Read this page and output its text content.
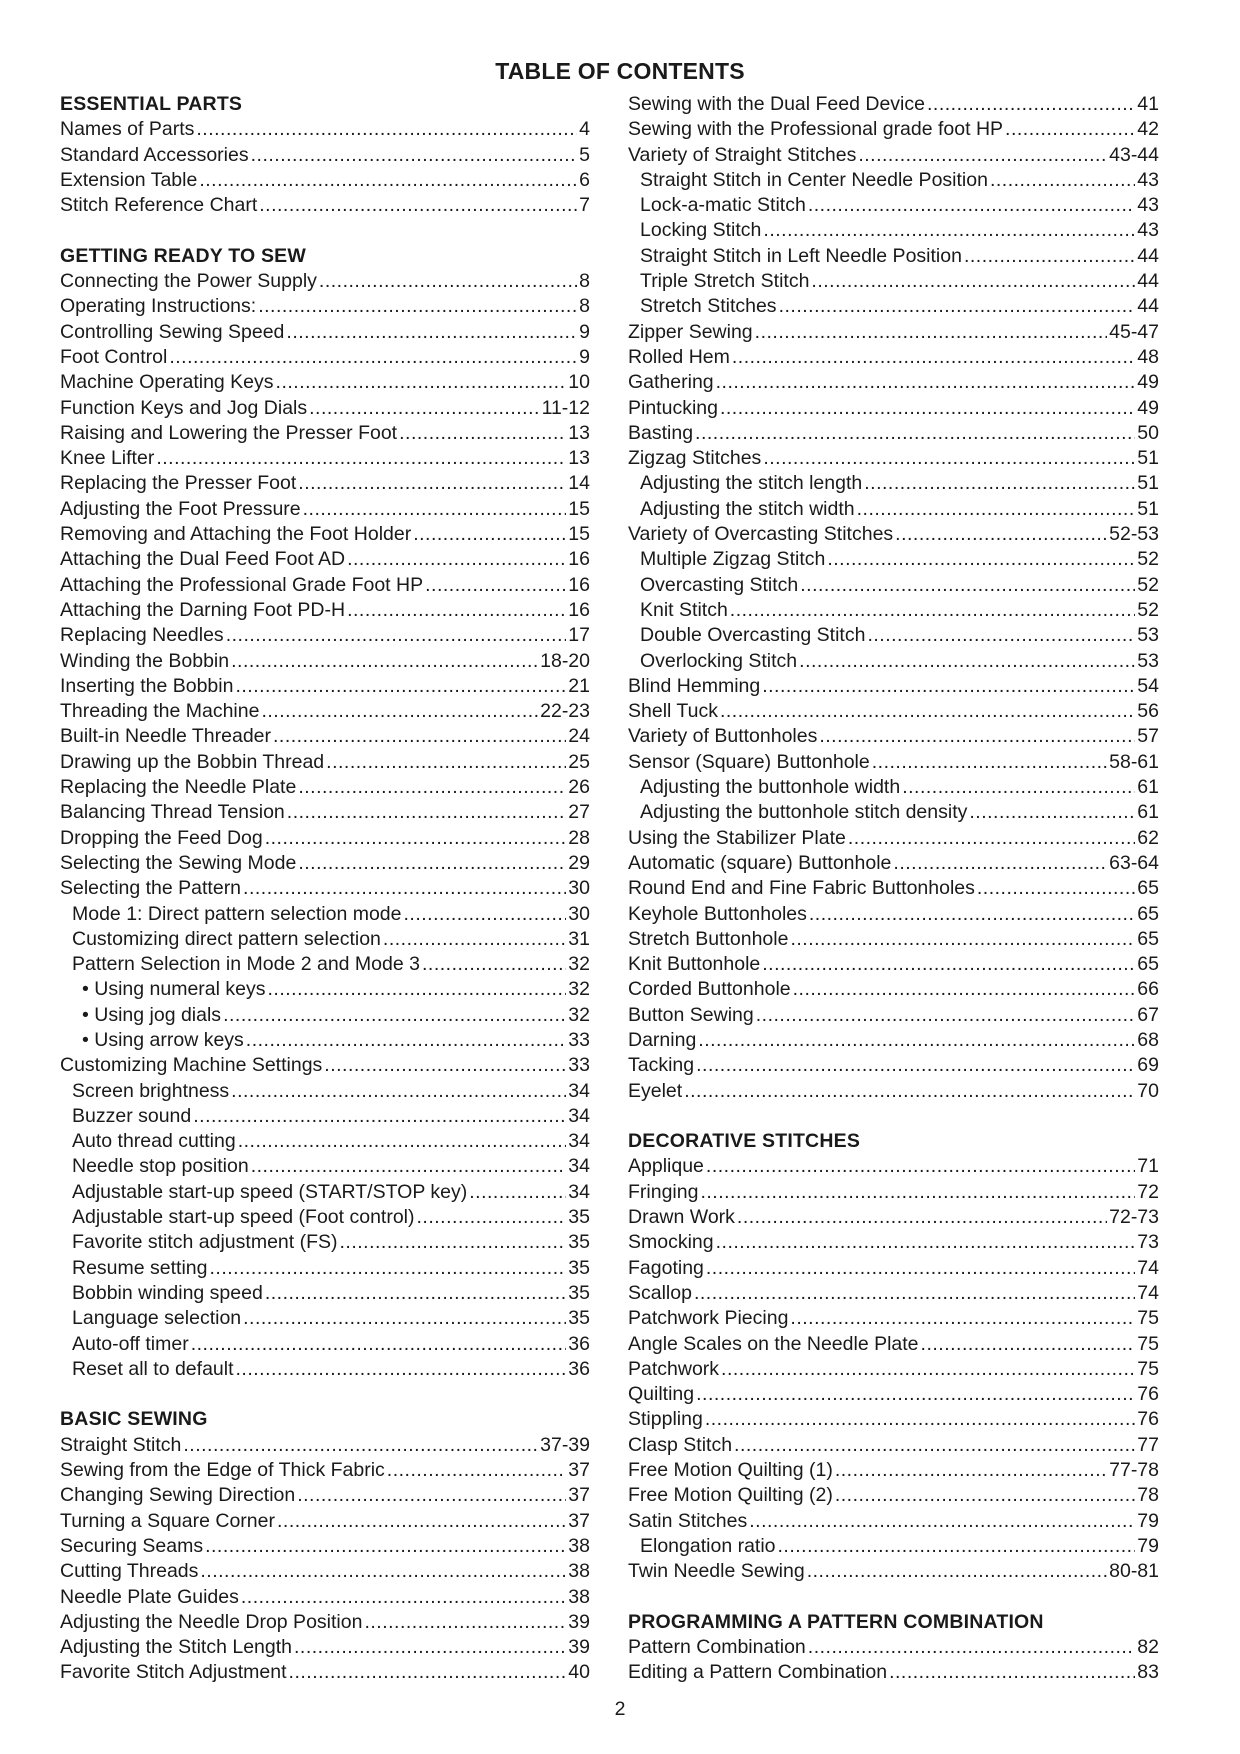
TABLE OF CONTENTS
ESSENTIAL PARTS
Names of Parts .....	4
Standard Accessories .....	5
Extension Table .....	6
Stitch Reference Chart .....	7
GETTING READY TO SEW
Connecting the Power Supply .....	8
Operating Instructions: .....	8
Controlling Sewing Speed .....	9
Foot Control .....	9
Machine Operating Keys .....	10
Function Keys and Jog Dials .....	11-12
Raising and Lowering the Presser Foot .....	13
Knee Lifter .....	13
Replacing the Presser Foot .....	14
Adjusting the Foot Pressure .....	15
Removing and Attaching the Foot Holder .....	15
Attaching the Dual Feed Foot AD .....	16
Attaching the Professional Grade Foot HP .....	16
Attaching the Darning Foot PD-H .....	16
Replacing Needles .....	17
Winding the Bobbin .....	18-20
Inserting the Bobbin .....	21
Threading the Machine .....	22-23
Built-in Needle Threader .....	24
Drawing up the Bobbin Thread .....	25
Replacing the Needle Plate .....	26
Balancing Thread Tension .....	27
Dropping the Feed Dog .....	28
Selecting the Sewing Mode .....	29
Selecting the Pattern .....	30
Mode 1: Direct pattern selection mode .....	30
Customizing direct pattern selection .....	31
Pattern Selection in Mode 2 and Mode 3 .....	32
• Using numeral keys .....	32
• Using jog dials .....	32
• Using arrow keys .....	33
Customizing Machine Settings .....	33
Screen brightness .....	34
Buzzer sound .....	34
Auto thread cutting .....	34
Needle stop position .....	34
Adjustable start-up speed (START/STOP key) .....	34
Adjustable start-up speed (Foot control) .....	35
Favorite stitch adjustment (FS) .....	35
Resume setting .....	35
Bobbin winding speed .....	35
Language selection .....	35
Auto-off timer .....	36
Reset all to default .....	36
BASIC SEWING
Straight Stitch .....	37-39
Sewing from the Edge of Thick Fabric .....	37
Changing Sewing Direction .....	37
Turning a Square Corner .....	37
Securing Seams .....	38
Cutting Threads .....	38
Needle Plate Guides .....	38
Adjusting the Needle Drop Position .....	39
Adjusting the Stitch Length .....	39
Favorite Stitch Adjustment .....	40
Sewing with the Dual Feed Device .....	41
Sewing with the Professional grade foot HP .....	42
Variety of Straight Stitches .....	43-44
Straight Stitch in Center Needle Position .....	43
Lock-a-matic Stitch .....	43
Locking Stitch .....	43
Straight Stitch in Left Needle Position .....	44
Triple Stretch Stitch .....	44
Stretch Stitches .....	44
Zipper Sewing .....	45-47
Rolled Hem .....	48
Gathering .....	49
Pintucking .....	49
Basting .....	50
Zigzag Stitches .....	51
Adjusting the stitch length .....	51
Adjusting the stitch width .....	51
Variety of Overcasting Stitches .....	52-53
Multiple Zigzag Stitch .....	52
Overcasting Stitch .....	52
Knit Stitch .....	52
Double Overcasting Stitch .....	53
Overlocking Stitch .....	53
Blind Hemming .....	54
Shell Tuck .....	56
Variety of Buttonholes .....	57
Sensor (Square) Buttonhole .....	58-61
Adjusting the buttonhole width .....	61
Adjusting the buttonhole stitch density .....	61
Using the Stabilizer Plate .....	62
Automatic (square) Buttonhole .....	63-64
Round End and Fine Fabric Buttonholes .....	65
Keyhole Buttonholes .....	65
Stretch Buttonhole .....	65
Knit Buttonhole .....	65
Corded Buttonhole .....	66
Button Sewing .....	67
Darning .....	68
Tacking .....	69
Eyelet .....	70
DECORATIVE STITCHES
Applique .....	71
Fringing .....	72
Drawn Work .....	72-73
Smocking .....	73
Fagoting .....	74
Scallop .....	74
Patchwork Piecing .....	75
Angle Scales on the Needle Plate .....	75
Patchwork .....	75
Quilting .....	76
Stippling .....	76
Clasp Stitch .....	77
Free Motion Quilting (1) .....	77-78
Free Motion Quilting (2) .....	78
Satin Stitches .....	79
Elongation ratio .....	79
Twin Needle Sewing .....	80-81
PROGRAMMING A PATTERN COMBINATION
Pattern Combination .....	82
Editing a Pattern Combination .....	83
2
